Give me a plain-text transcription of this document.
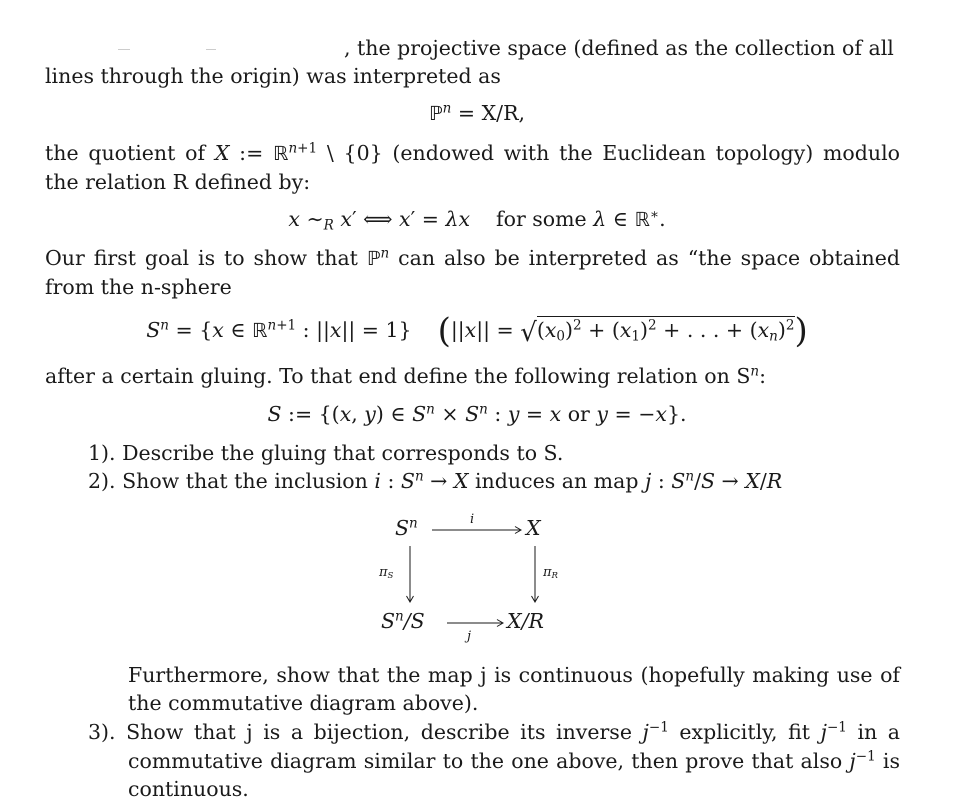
, the projective space (defined as the collection of all
lines through the origin) was interpreted as
ℙ$^n$ = X/R,
the quotient of X := ℝ$^{n+1}$ \ {0} (endowed with the Euclidean topology) modulo
the relation R defined by:
x $\sim_R$ x′ ⟺ x′ = λx for some λ ∈ ℝ∗.
Our first goal is to show that ℙ$^n$ can also be interpreted as “the space obtained
from the n-sphere
$S^n = \{x$ ∈ ℝ$^{n+1}$ : ||x|| = 1} ($||x|| = √(x_0)^2 + (x_1)^2$ + . . . + $(x_n)^2$)
after a certain gluing. To that end define the following relation on $S^n$:
S := {(x, y) ∈ $S^n \times S^n$ : y = x or y = −x}.
1). Describe the gluing that corresponds to S.
2). Show that the inclusion i : $S^n \to X$ induces an map j : $S^n/S \to X/R$
$S^n$	X
$S^n/S$	X/R
i
j
$\pi_S$	$\pi_R$
Furthermore, show that the map j is continuous (hopefully making use of
the commutative diagram above).
3). Show that j is a bijection, describe its inverse $j^{-1}$ explicitly, fit $j^{-1}$ in a
commutative diagram similar to the one above, then prove that also $j^{-1}$ is
continuous.
